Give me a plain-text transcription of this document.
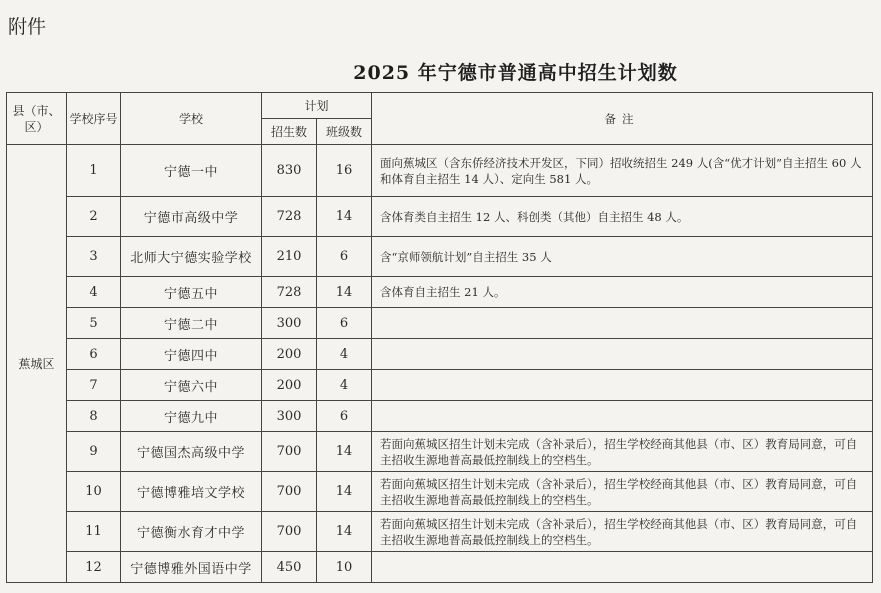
附件
2025 年宁德市普通高中招生计划数
县（市、区）	学校序号	学校	计划		备注
			招生数	班级数	
蕉城区	1	宁德一中	830	16	面向蕉城区（含东侨经济技术开发区，下同）招收统招生 249 人(含“优才计划”自主招生 60 人和体育自主招生 14 人）、定向生 581 人。
	2	宁德市高级中学	728	14	含体育类自主招生 12 人、科创类（其他）自主招生 48 人。
	3	北师大宁德实验学校	210	6	含“京师领航计划”自主招生 35 人
	4	宁德五中	728	14	含体育自主招生 21 人。
	5	宁德二中	300	6	
	6	宁德四中	200	4	
	7	宁德六中	200	4	
	8	宁德九中	300	6	
	9	宁德国杰高级中学	700	14	若面向蕉城区招生计划未完成（含补录后），招生学校经商其他县（市、区）教育局同意，可自主招收生源地普高最低控制线上的空档生。
	10	宁德博雅培文学校	700	14	若面向蕉城区招生计划未完成（含补录后），招生学校经商其他县（市、区）教育局同意，可自主招收生源地普高最低控制线上的空档生。
	11	宁德衡水育才中学	700	14	若面向蕉城区招生计划未完成（含补录后），招生学校经商其他县（市、区）教育局同意，可自主招收生源地普高最低控制线上的空档生。
	12	宁德博雅外国语中学	450	10	
